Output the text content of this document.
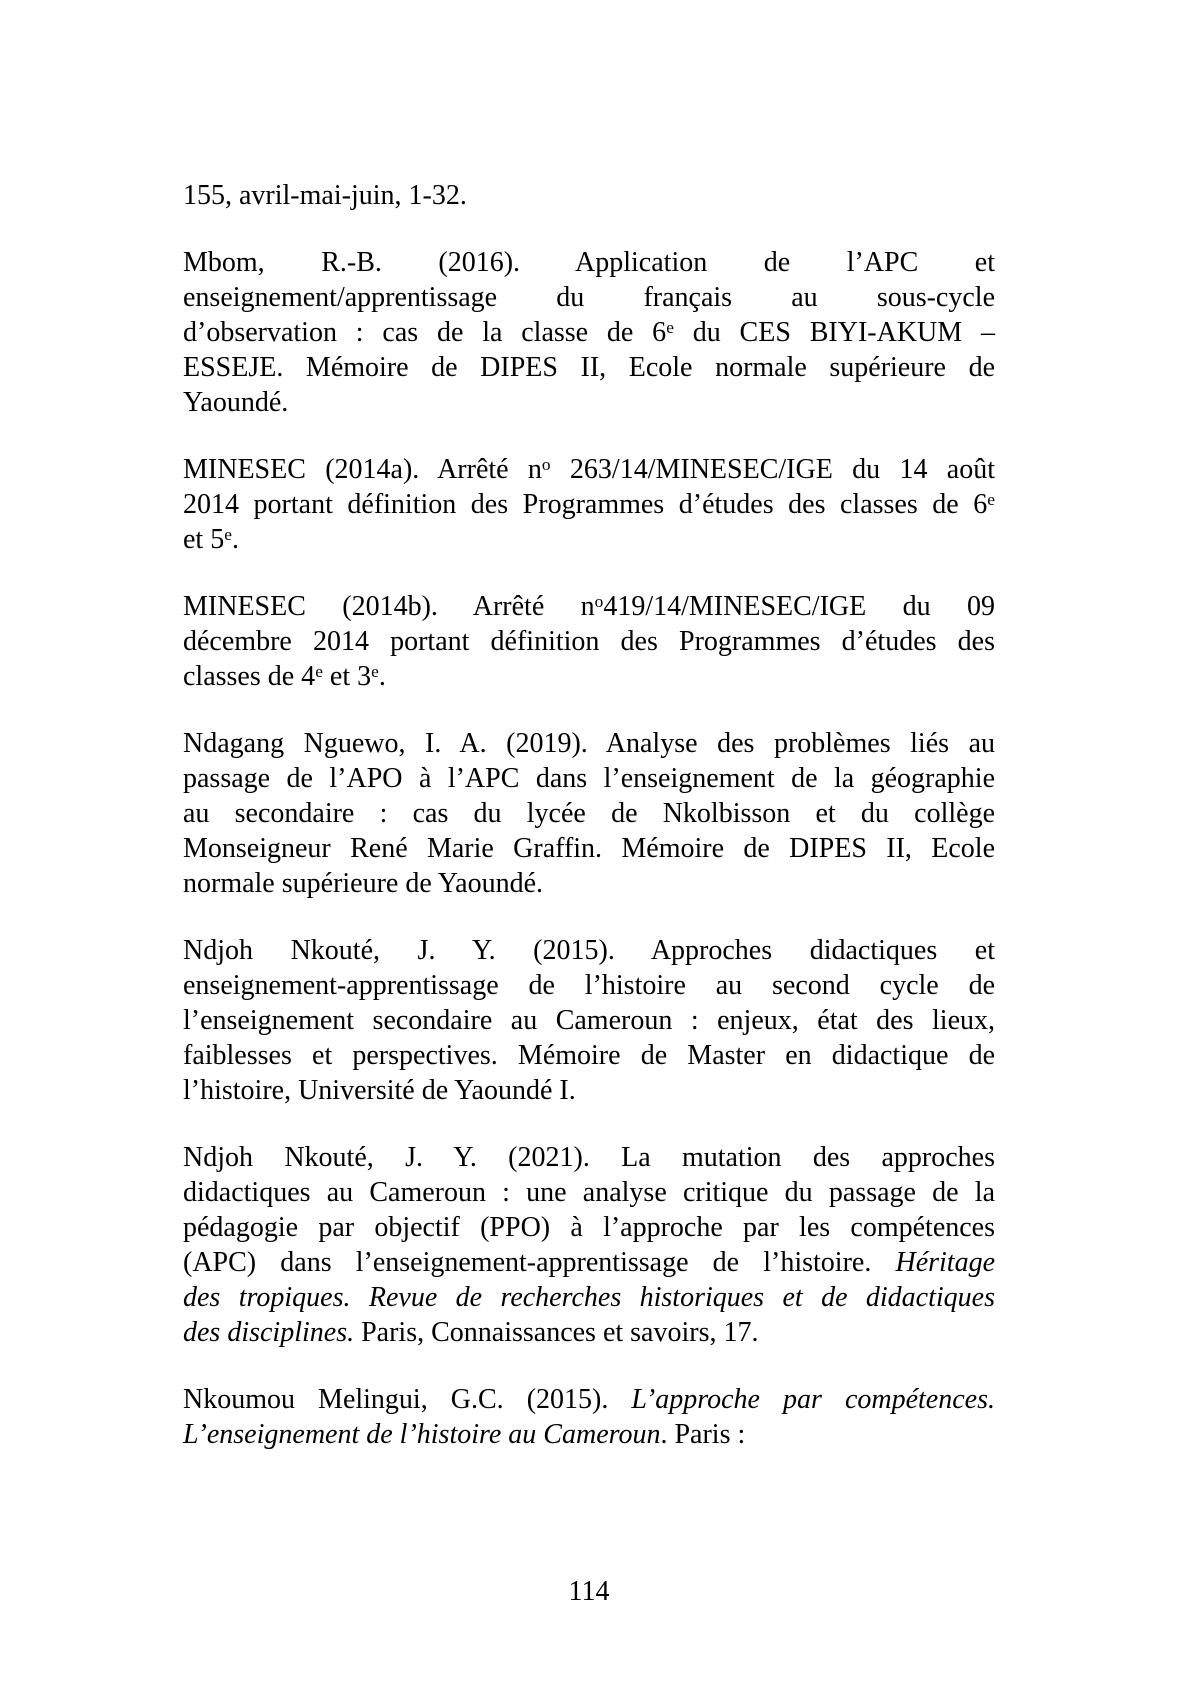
155, avril-mai-juin, 1-32.
Mbom, R.-B. (2016). Application de l’APC et
enseignement/apprentissage du français au sous-cycle
d’observation : cas de la classe de 6e du CES BIYI-AKUM –
ESSEJE. Mémoire de DIPES II, Ecole normale supérieure de
Yaoundé.
MINESEC (2014a). Arrêté $n^o$ 263/14/MINESEC/IGE du 14 août
2014 portant définition des Programmes d’études des classes de 6e
et 5e.
MINESEC (2014b). Arrêté $n^o419/14/MINESEC$/IGE du 09
décembre 2014 portant définition des Programmes d’études des
classes de 4e et 3e.
Ndagang Nguewo, I. A. (2019). Analyse des problèmes liés au
passage de l’APO à l’APC dans l’enseignement de la géographie
au secondaire : cas du lycée de Nkolbisson et du collège
Monseigneur René Marie Graffin. Mémoire de DIPES II, Ecole
normale supérieure de Yaoundé.
Ndjoh Nkouté, J. Y. (2015). Approches didactiques et
enseignement-apprentissage de l’histoire au second cycle de
l’enseignement secondaire au Cameroun : enjeux, état des lieux,
faiblesses et perspectives. Mémoire de Master en didactique de
l’histoire, Université de Yaoundé I.
Ndjoh Nkouté, J. Y. (2021). La mutation des approches
didactiques au Cameroun : une analyse critique du passage de la
pédagogie par objectif (PPO) à l’approche par les compétences
(APC) dans l’enseignement-apprentissage de l’histoire. Héritage
des tropiques. Revue de recherches historiques et de didactiques
des disciplines. Paris, Connaissances et savoirs, 17.
Nkoumou Melingui, G.C. (2015). L’approche par compétences.
L’enseignement de l’histoire au Cameroun. Paris :
114
